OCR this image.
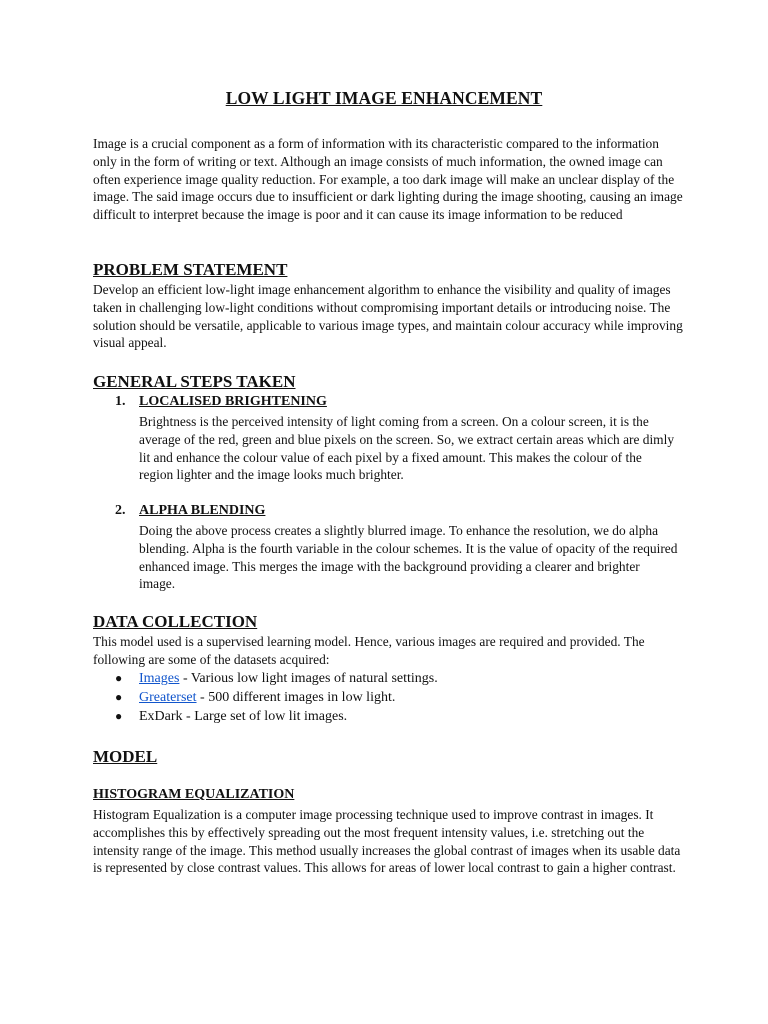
LOW LIGHT IMAGE ENHANCEMENT

Image is a crucial component as a form of information with its characteristic compared to the information only in the form of writing or text. Although an image consists of much information, the owned image can often experience image quality reduction. For example, a too dark image will make an unclear display of the image. The said image occurs due to insufficient or dark lighting during the image shooting, causing an image difficult to interpret because the image is poor and it can cause its image information to be reduced

PROBLEM STATEMENT

Develop an efficient low-light image enhancement algorithm to enhance the visibility and quality of images taken in challenging low-light conditions without compromising important details or introducing noise. The solution should be versatile, applicable to various image types, and maintain colour accuracy while improving visual appeal.

GENERAL STEPS TAKEN
1. LOCALISED BRIGHTENING

Brightness is the perceived intensity of light coming from a screen. On a colour screen, it is the average of the red, green and blue pixels on the screen. So, we extract certain areas which are dimly lit and enhance the colour value of each pixel by a fixed amount. This makes the colour of the region lighter and the image looks much brighter.

2. ALPHA BLENDING

Doing the above process creates a slightly blurred image. To enhance the resolution, we do alpha blending. Alpha is the fourth variable in the colour schemes. It is the value of opacity of the required enhanced image. This merges the image with the background providing a clearer and brighter image.

DATA COLLECTION

This model used is a supervised learning model. Hence, various images are required and provided. The following are some of the datasets acquired:

● Images - Various low light images of natural settings.
● Greaterset - 500 different images in low light.
● ExDark - Large set of low lit images.
MODEL
HISTOGRAM EQUALIZATION

Histogram Equalization is a computer image processing technique used to improve contrast in images. It accomplishes this by effectively spreading out the most frequent intensity values, i.e. stretching out the intensity range of the image. This method usually increases the global contrast of images when its usable data is represented by close contrast values. This allows for areas of lower local contrast to gain a higher contrast.
